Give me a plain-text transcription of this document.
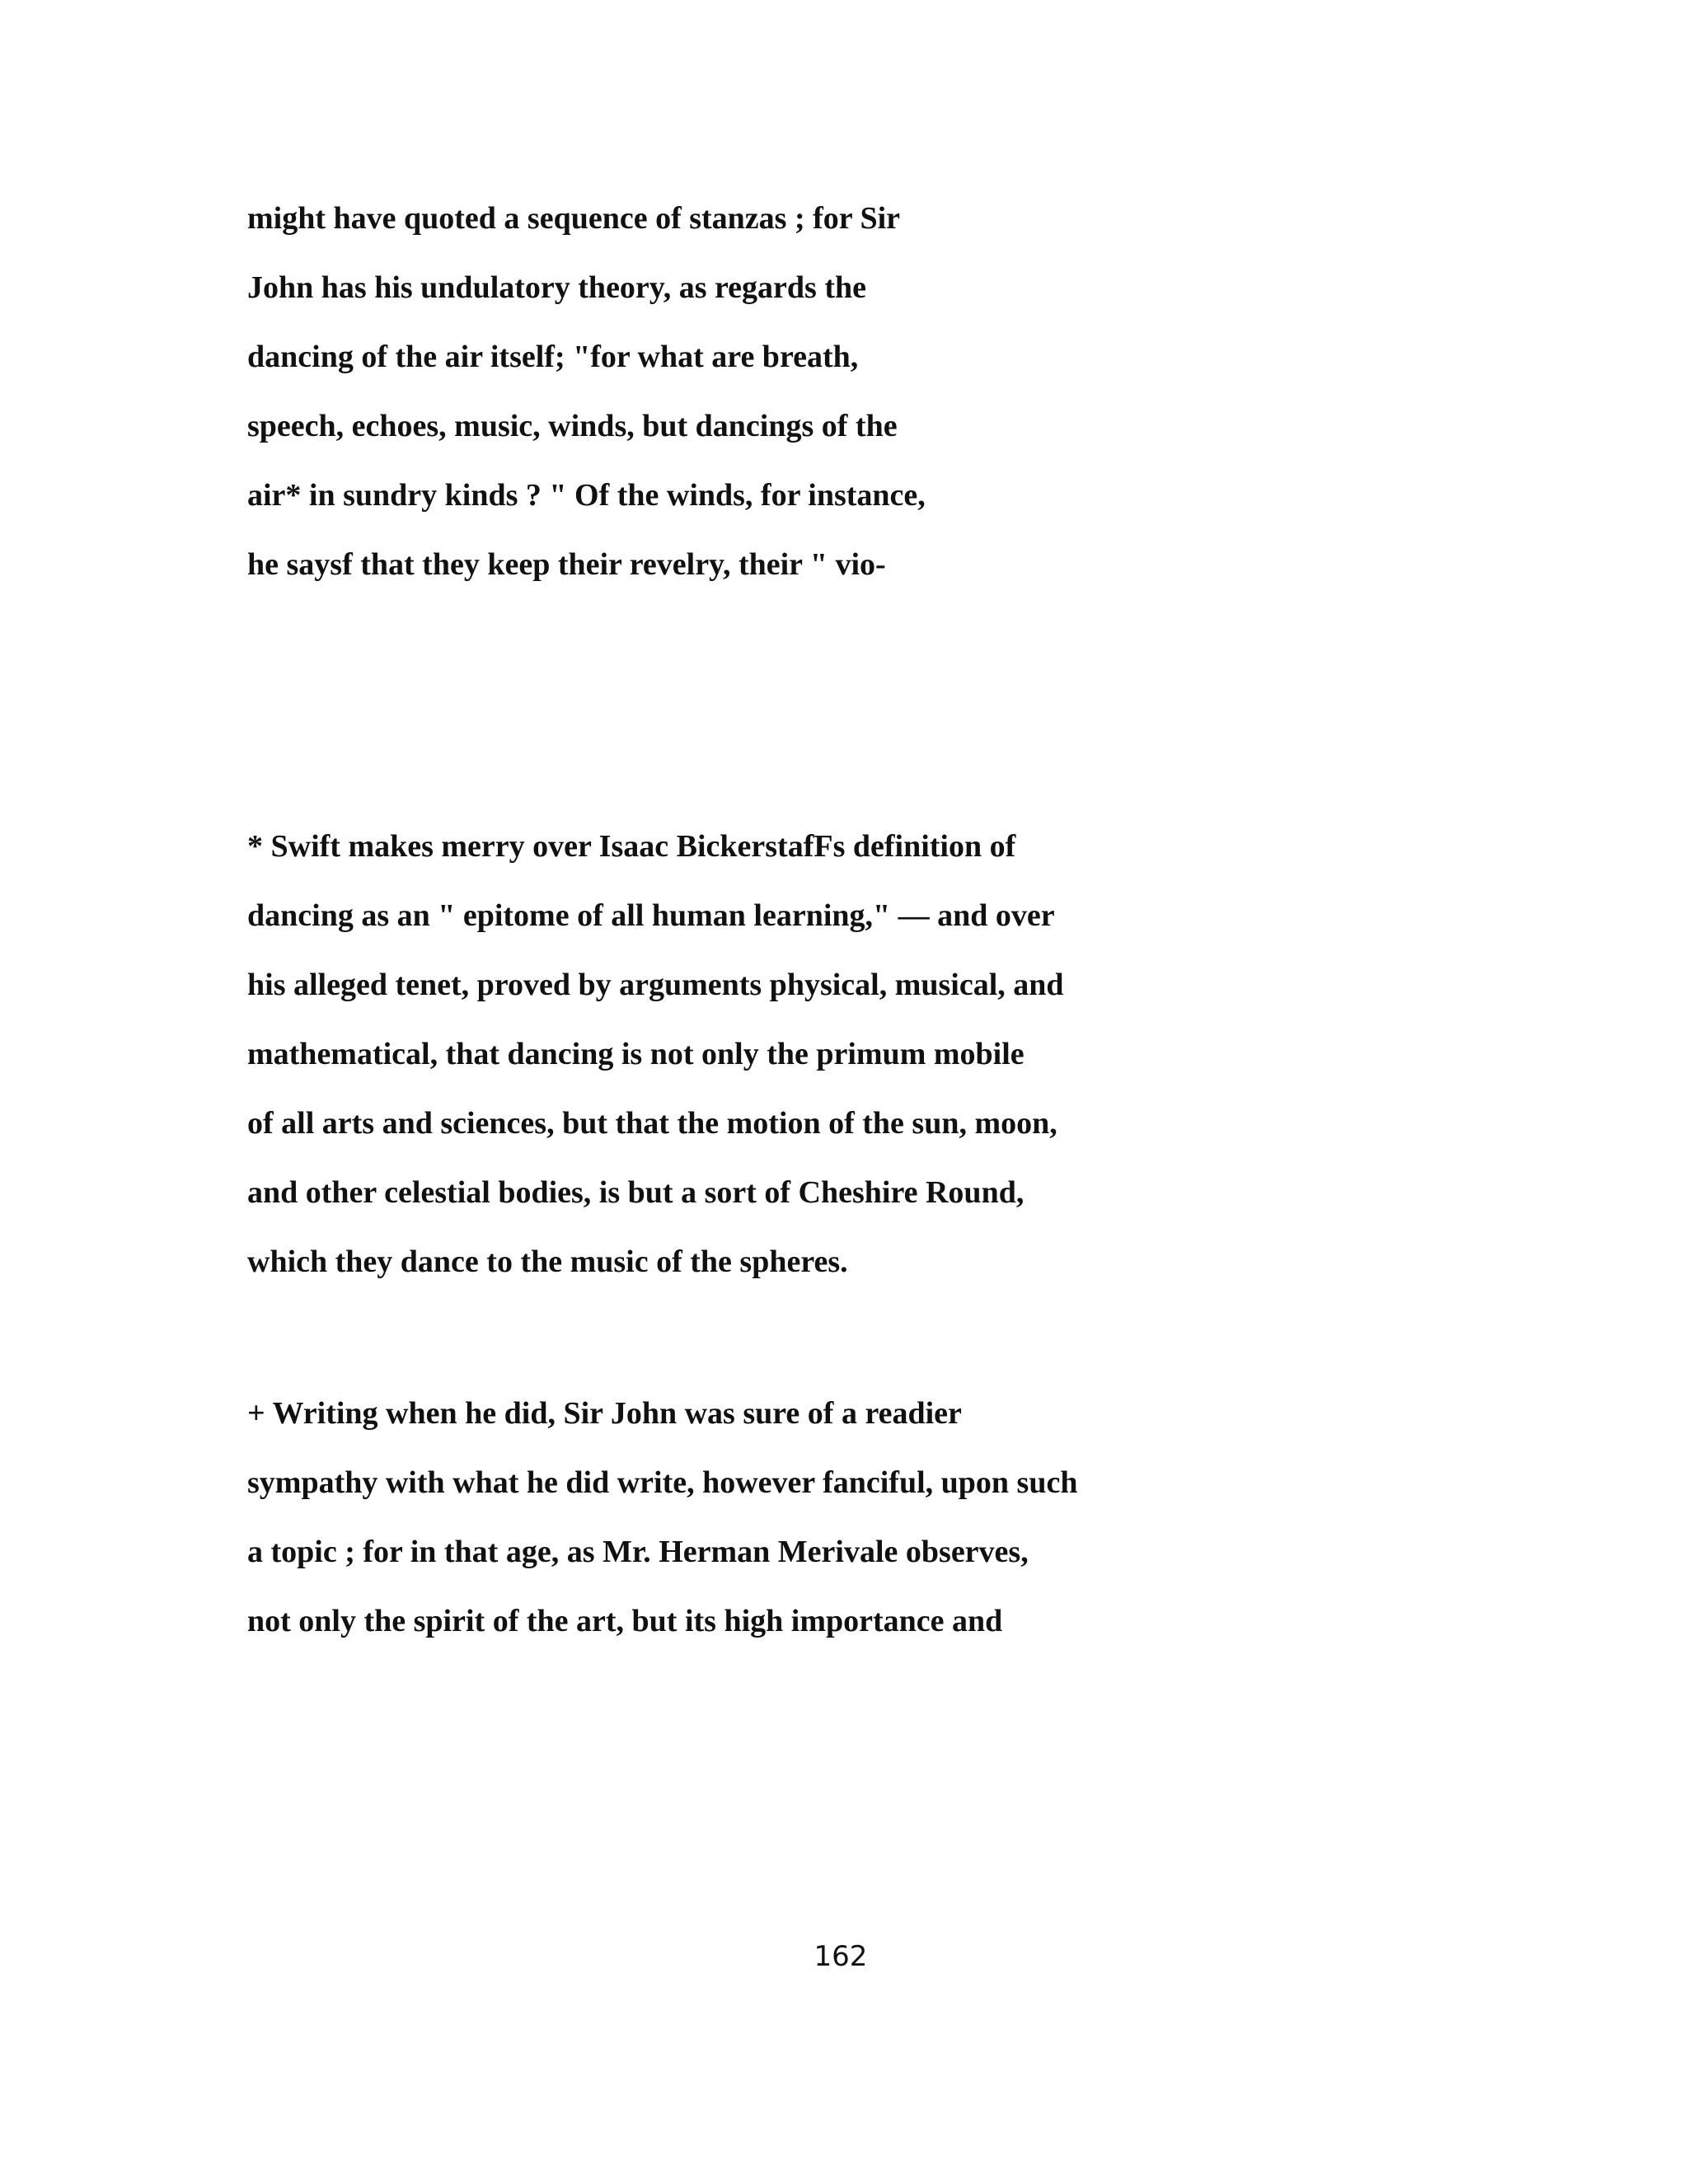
might have quoted a sequence of stanzas ; for Sir

John has his undulatory theory, as regards the

dancing of the air itself; "for what are breath,

speech, echoes, music, winds, but dancings of the

air* in sundry kinds ? " Of the winds, for instance,

he saysf that they keep their revelry, their " vio-

* Swift makes merry over Isaac BickerstafFs definition of

dancing as an " epitome of all human learning," — and over

his alleged tenet, proved by arguments physical, musical, and

mathematical, that dancing is not only the primum mobile

of all arts and sciences, but that the motion of the sun, moon,

and other celestial bodies, is but a sort of Cheshire Round,

which they dance to the music of the spheres.

+ Writing when he did, Sir John was sure of a readier

sympathy with what he did write, however fanciful, upon such

a topic ; for in that age, as Mr. Herman Merivale observes,

not only the spirit of the art, but its high importance and

162
